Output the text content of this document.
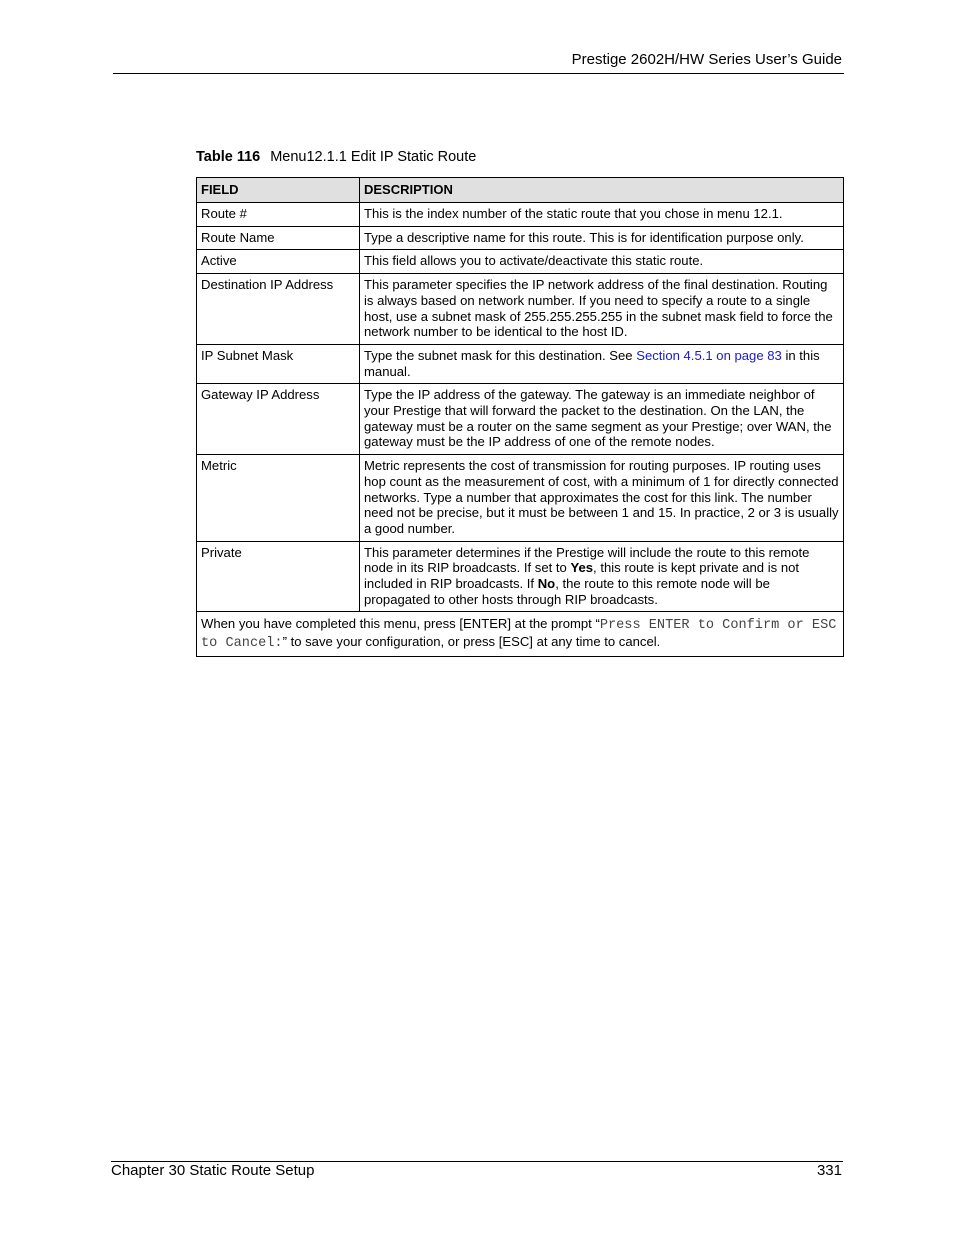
Prestige 2602H/HW Series User’s Guide
Table 116 Menu12.1.1 Edit IP Static Route
FIELD	DESCRIPTION
Route #	This is the index number of the static route that you chose in menu 12.1.
Route Name	Type a descriptive name for this route. This is for identification purpose only.
Active	This field allows you to activate/deactivate this static route.
Destination IP Address	This parameter specifies the IP network address of the final destination. Routing is always based on network number. If you need to specify a route to a single host, use a subnet mask of 255.255.255.255 in the subnet mask field to force the network number to be identical to the host ID.
IP Subnet Mask	Type the subnet mask for this destination. See Section 4.5.1 on page 83 in this manual.
Gateway IP Address	Type the IP address of the gateway. The gateway is an immediate neighbor of your Prestige that will forward the packet to the destination. On the LAN, the gateway must be a router on the same segment as your Prestige; over WAN, the gateway must be the IP address of one of the remote nodes.
Metric	Metric represents the cost of transmission for routing purposes. IP routing uses hop count as the measurement of cost, with a minimum of 1 for directly connected networks. Type a number that approximates the cost for this link. The number need not be precise, but it must be between 1 and 15. In practice, 2 or 3 is usually a good number.
Private	This parameter determines if the Prestige will include the route to this remote node in its RIP broadcasts. If set to Yes, this route is kept private and is not included in RIP broadcasts. If No, the route to this remote node will be propagated to other hosts through RIP broadcasts.
When you have completed this menu, press [ENTER] at the prompt “Press ENTER to Confirm or ESC to Cancel:” to save your configuration, or press [ESC] at any time to cancel.	
Chapter 30 Static Route Setup	331
